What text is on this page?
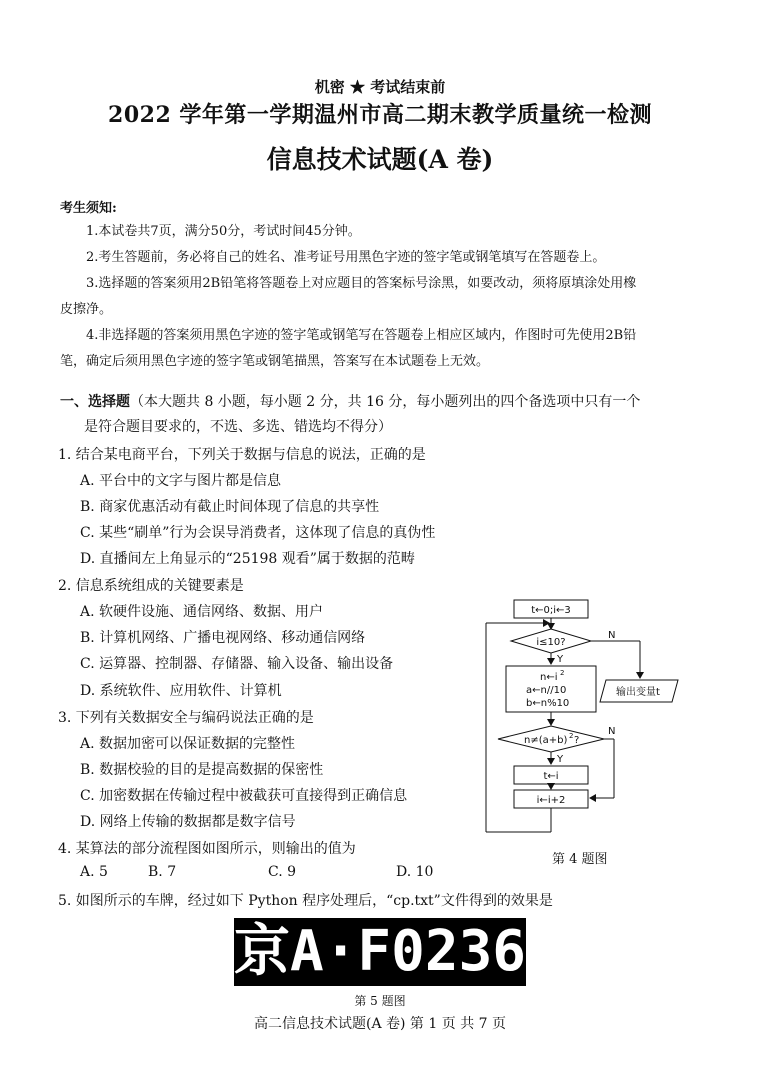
机密 ★ 考试结束前
2022 学年第一学期温州市高二期末教学质量统一检测
信息技术试题(A 卷)
考生须知:
1.本试卷共7页，满分50分，考试时间45分钟。
2.考生答题前，务必将自己的姓名、准考证号用黑色字迹的签字笔或钢笔填写在答题卷上。
3.选择题的答案须用2B铅笔将答题卷上对应题目的答案标号涂黑，如要改动，须将原填涂处用橡
皮擦净。
4.非选择题的答案须用黑色字迹的签字笔或钢笔写在答题卷上相应区域内，作图时可先使用2B铅
笔，确定后须用黑色字迹的签字笔或钢笔描黑，答案写在本试题卷上无效。
一、选择题（本大题共 8 小题，每小题 2 分，共 16 分，每小题列出的四个备选项中只有一个
是符合题目要求的，不选、多选、错选均不得分）
1. 结合某电商平台，下列关于数据与信息的说法，正确的是
A. 平台中的文字与图片都是信息
B. 商家优惠活动有截止时间体现了信息的共享性
C. 某些“刷单”行为会误导消费者，这体现了信息的真伪性
D. 直播间左上角显示的“25198 观看”属于数据的范畴
2. 信息系统组成的关键要素是
A. 软硬件设施、通信网络、数据、用户
B. 计算机网络、广播电视网络、移动通信网络
C. 运算器、控制器、存储器、输入设备、输出设备
D. 系统软件、应用软件、计算机
3. 下列有关数据安全与编码说法正确的是
A. 数据加密可以保证数据的完整性
B. 数据校验的目的是提高数据的保密性
C. 加密数据在传输过程中被截获可直接得到正确信息
D. 网络上传输的数据都是数字信号
4. 某算法的部分流程图如图所示，则输出的值为
A. 5	B. 7	C. 9	D. 10
5. 如图所示的车牌，经过如下 Python 程序处理后，“cp.txt”文件得到的效果是
t←0;i←3
i≤10?
N
输出变量t
Y
n←i 2
a←n//10
b←n%10
n≠(a+b) 2 ?
N
Y
t←i
i←i+2
第 4 题图
京A·F0236
第 5 题图
高二信息技术试题(A 卷) 第 1 页 共 7 页
